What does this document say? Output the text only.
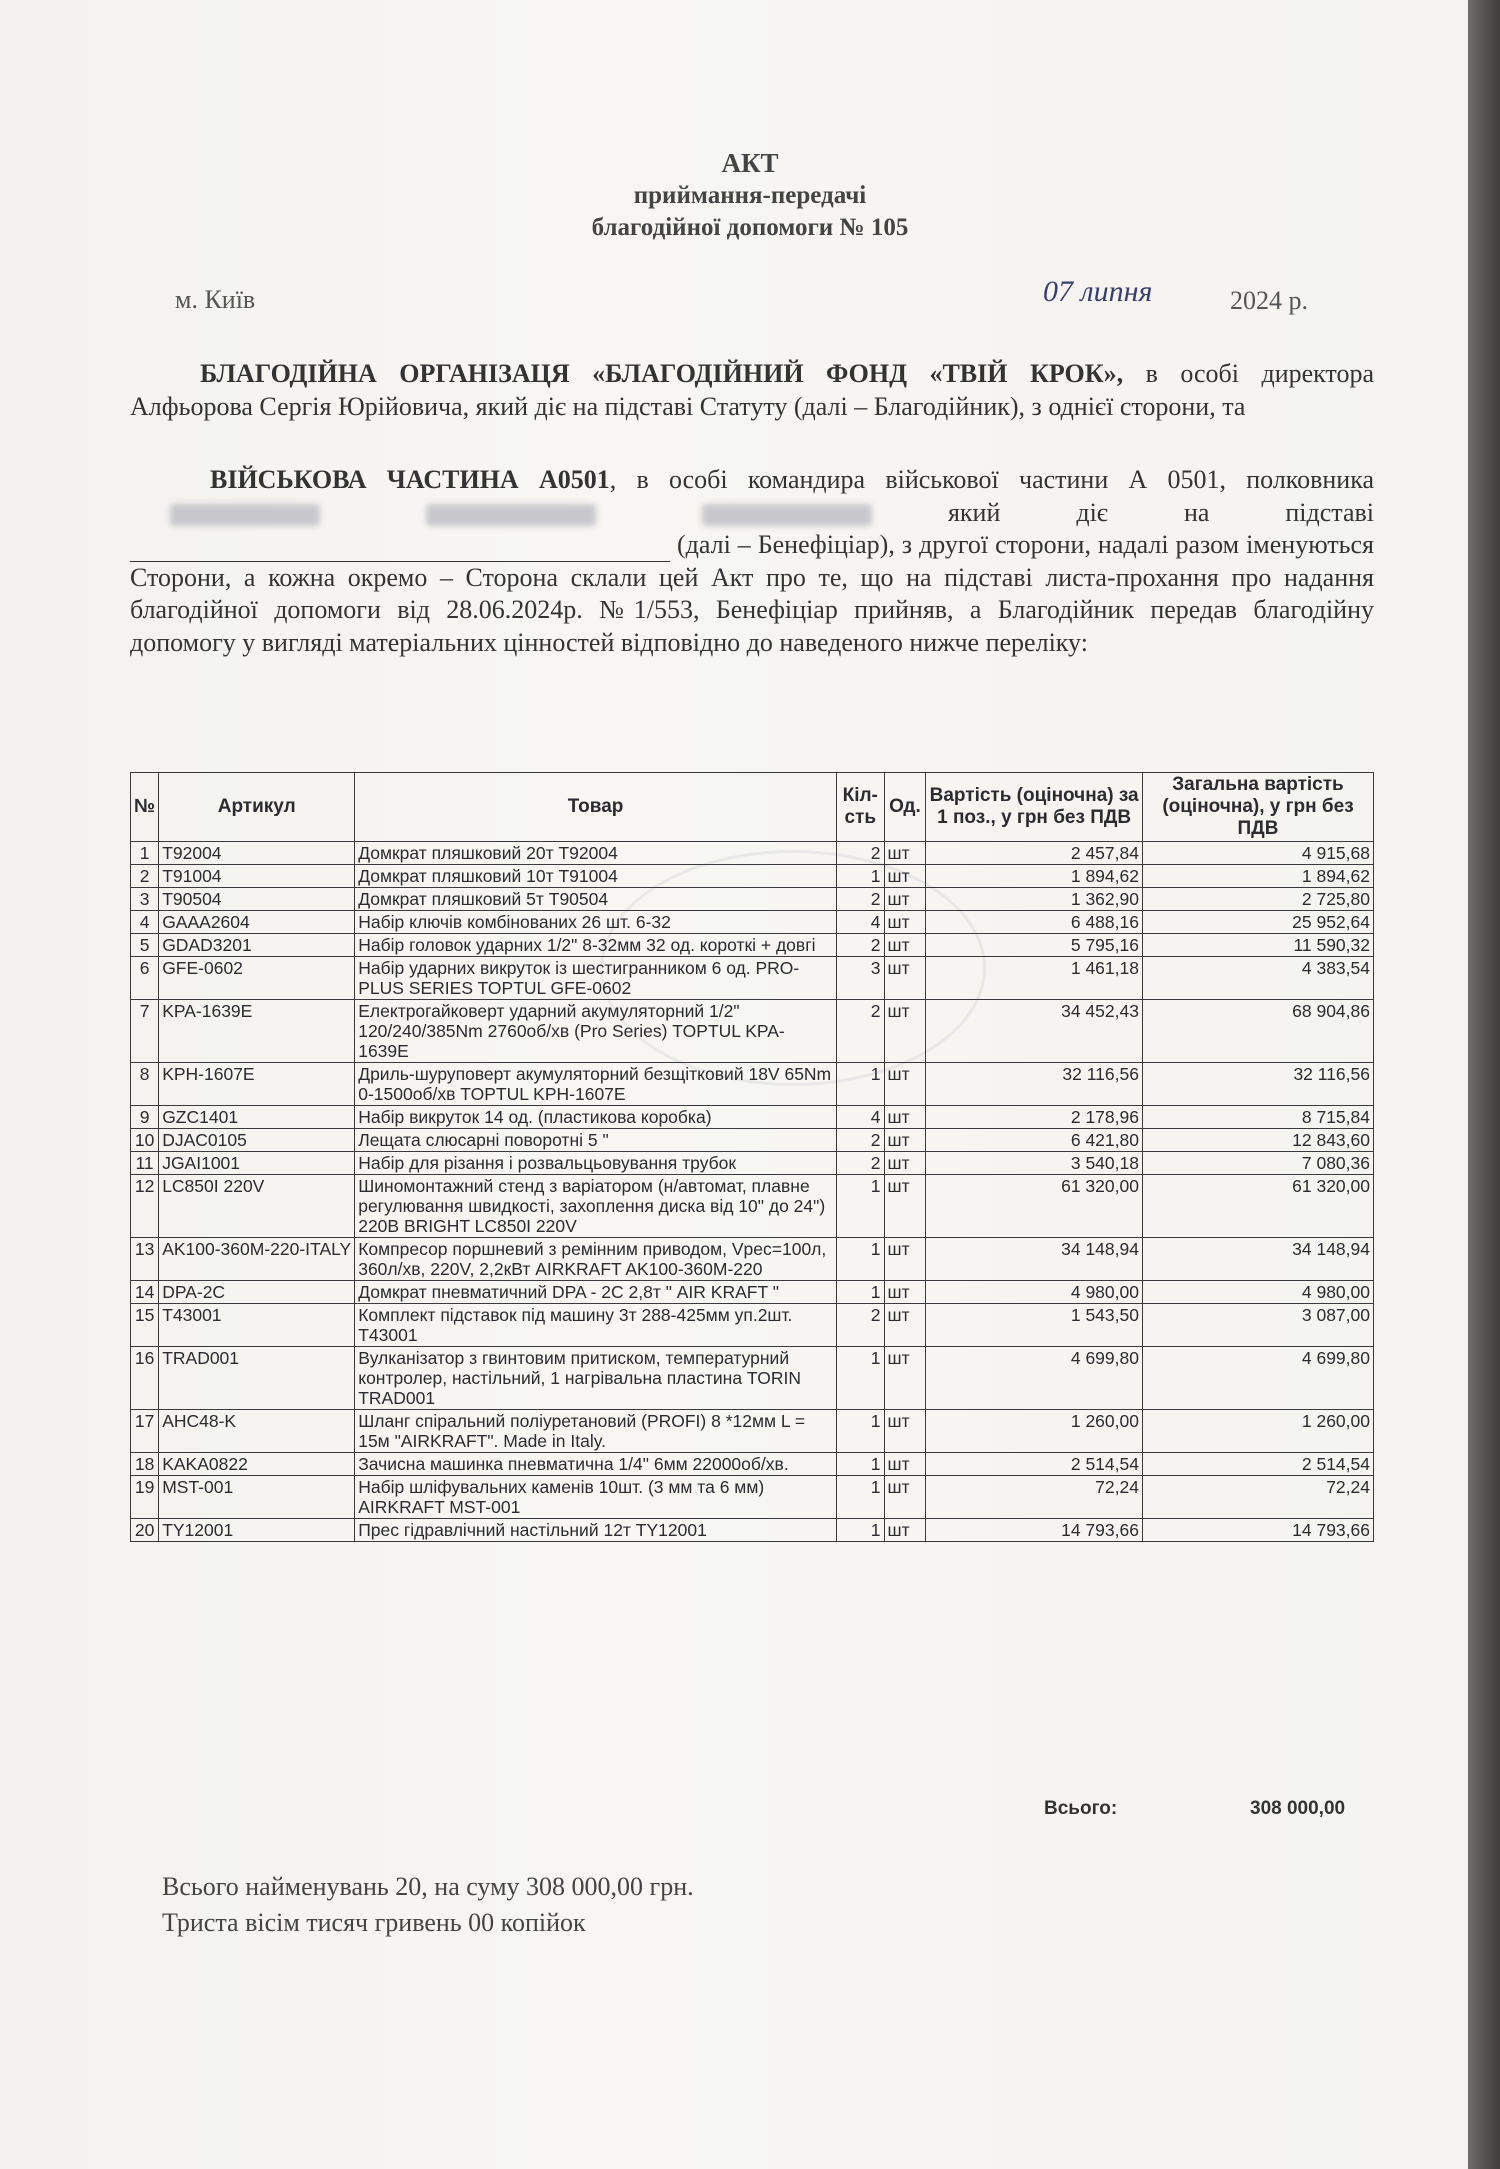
АКТ
приймання-передачі
благодійної допомоги № 105
м. Київ	07 липня	2024 р.
БЛАГОДІЙНА ОРГАНІЗАЦЯ «БЛАГОДІЙНИЙ ФОНД «ТВІЙ КРОК», в особі директора Алфьорова Сергія Юрійовича, який діє на підставі Статуту (далі – Благодійник), з однієї сторони, та
ВІЙСЬКОВА ЧАСТИНА А0501, в особі командира військової частини А 0501, полковника    який діє на підставі  (далі – Бенефіціар), з другої сторони, надалі разом іменуються Сторони, а кожна окремо – Сторона склали цей Акт про те, що на підставі листа-прохання про надання благодійної допомоги від 28.06.2024р. №1/553, Бенефіціар прийняв, а Благодійник передав благодійну допомогу у вигляді матеріальних цінностей відповідно до наведеного нижче переліку:
№	Артикул	Товар	Кіл-сть	Од.	Вартість (оціночна) за 1 поз., у грн без ПДВ	Загальна вартість (оціночна), у грн без ПДВ
1	T92004	Домкрат пляшковий 20т T92004	2	шт	2 457,84	4 915,68
2	T91004	Домкрат пляшковий 10т T91004	1	шт	1 894,62	1 894,62
3	T90504	Домкрат пляшковий 5т T90504	2	шт	1 362,90	2 725,80
4	GAAA2604	Набір ключів комбінованих 26 шт. 6-32	4	шт	6 488,16	25 952,64
5	GDAD3201	Набір головок ударних 1/2" 8-32мм 32 од. короткі + довгі	2	шт	5 795,16	11 590,32
6	GFE-0602	Набір ударних викруток із шестигранником 6 од. PRO-PLUS SERIES TOPTUL GFE-0602	3	шт	1 461,18	4 383,54
7	KPA-1639E	Електрогайковерт ударний акумуляторний 1/2" 120/240/385Nm 2760об/хв (Pro Series) TOPTUL KPA-1639E	2	шт	34 452,43	68 904,86
8	KPH-1607E	Дриль-шуруповерт акумуляторний безщітковий 18V 65Nm 0-1500об/хв TOPTUL KPH-1607E	1	шт	32 116,56	32 116,56
9	GZC1401	Набір викруток 14 од. (пластикова коробка)	4	шт	2 178,96	8 715,84
10	DJAC0105	Лещата слюсарні поворотні 5 "	2	шт	6 421,80	12 843,60
11	JGAI1001	Набір для різання і розвальцьовування трубок	2	шт	3 540,18	7 080,36
12	LC850I 220V	Шиномонтажний стенд з варіатором (н/автомат, плавне регулювання швидкості, захоплення диска від 10" до 24") 220В BRIGHT LC850I 220V	1	шт	61 320,00	61 320,00
13	AK100-360M-220-ITALY	Компресор поршневий з ремінним приводом, Vрес=100л, 360л/хв, 220V, 2,2кВт AIRKRAFT AK100-360M-220	1	шт	34 148,94	34 148,94
14	DPA-2C	Домкрат пневматичний DPA - 2С 2,8т " AIR KRAFT "	1	шт	4 980,00	4 980,00
15	T43001	Комплект підставок під машину 3т 288-425мм уп.2шт. T43001	2	шт	1 543,50	3 087,00
16	TRAD001	Вулканізатор з гвинтовим притиском, температурний контролер, настільний, 1 нагрівальна пластина TORIN TRAD001	1	шт	4 699,80	4 699,80
17	AHC48-K	Шланг спіральний поліуретановий (PROFI) 8 *12мм L = 15м "AIRKRAFT". Made in Italy.	1	шт	1 260,00	1 260,00
18	KAKA0822	Зачисна машинка пневматична 1/4" 6мм 22000об/хв.	1	шт	2 514,54	2 514,54
19	MST-001	Набір шліфувальних каменів 10шт. (3 мм та 6 мм) AIRKRAFT MST-001	1	шт	72,24	72,24
20	TY12001	Прес гідравлічний настільний 12т TY12001	1	шт	14 793,66	14 793,66
Всього:	308 000,00
Всього найменувань 20, на суму 308 000,00 грн.
Триста вісім тисяч гривень 00 копійок
